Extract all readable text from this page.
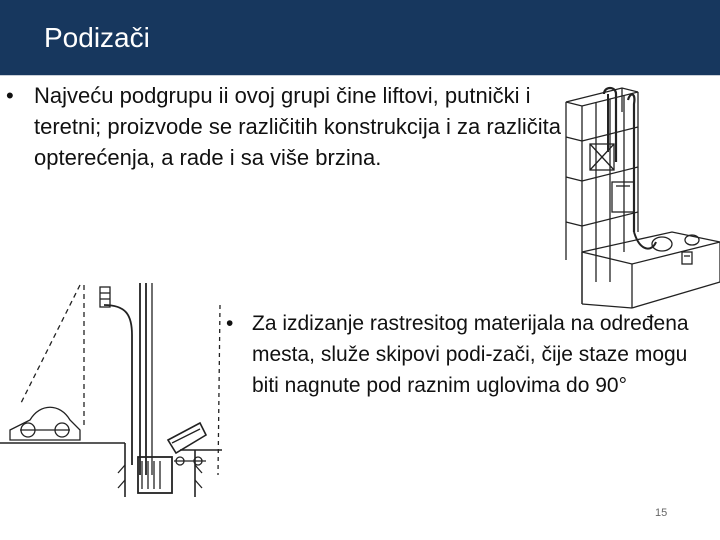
Podizači
• Najveću podgrupu ii ovoj grupi čine liftovi, putnički i teretni; proizvode se različitih konstrukcija i za različita opterećenja, a rade i sa više brzina.
• Za izdizanje rastresitog materijala na određena mesta, služe skipovi podi-zači, čije staze mogu biti nagnute pod raznim uglovima do 90°
15
